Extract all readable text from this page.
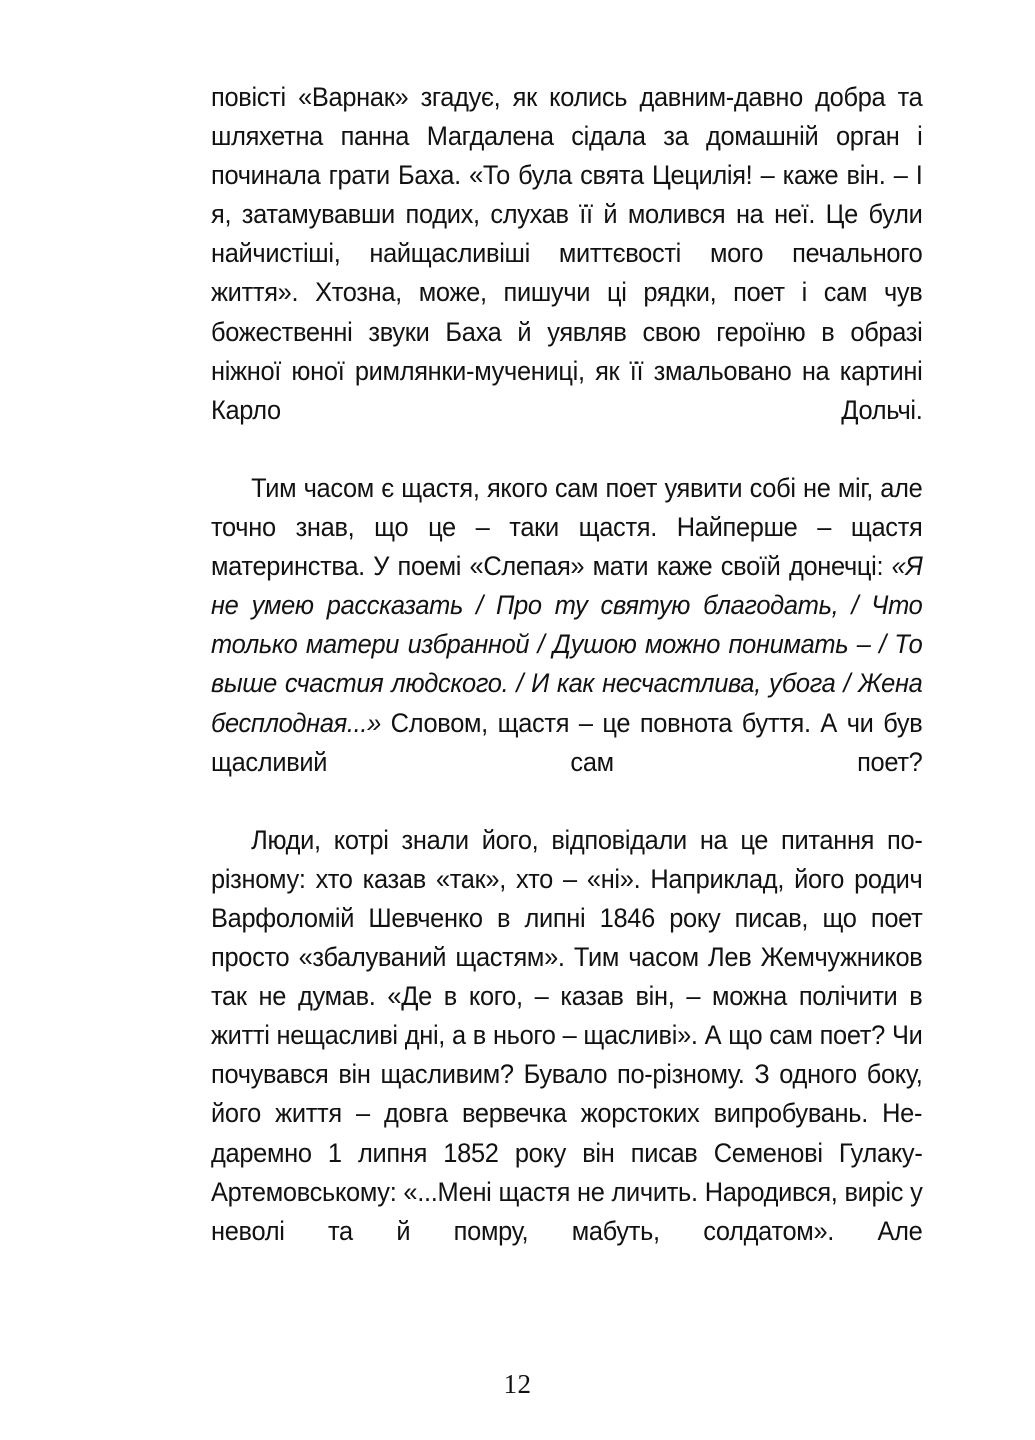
повісті «Варнак» згадує, як колись давним-давно добра та шляхетна панна Магдалена сідала за домашній орган і починала грати Баха. «То була свята Цецилія! – каже він. – І я, затамувавши подих, слухав її й молився на неї. Це були найчистіші, найщасливіші миттєвості мого печального життя». Хтозна, може, пишучи ці рядки, поет і сам чув божественні звуки Баха й уявляв свою героїню в образі ніжної юної римлянки-мучениці, як її змальовано на картині Карло Дольчі.

Тим часом є щастя, якого сам поет уявити собі не міг, але точно знав, що це – таки щастя. Найперше – щастя материнства. У поемі «Слепая» мати каже своїй донечці: «Я не умею рассказать / Про ту святую благодать, / Что только матери избранной / Душою можно понимать – / То выше счастия людского. / И как несчастлива, убога / Жена бесплодная...» Словом, щастя – це повнота буття. А чи був щасливий сам поет?

Люди, котрі знали його, відповідали на це питання по-різному: хто казав «так», хто – «ні». Наприклад, його родич Варфоломій Шевченко в липні 1846 року писав, що поет просто «збалуваний щастям». Тим часом Лев Жемчужников так не думав. «Де в кого, – казав він, – можна полічити в житті нещасливі дні, а в нього – щасливі». А що сам поет? Чи почувався він щасливим? Бувало по-різному. З одного боку, його життя – довга вервечка жорстоких випробувань. Недаремно 1 липня 1852 року він писав Семенові Гулаку-Артемовському: «...Мені щастя не личить. Народився, виріс у неволі та й помру, мабуть, солдатом». Але

12
